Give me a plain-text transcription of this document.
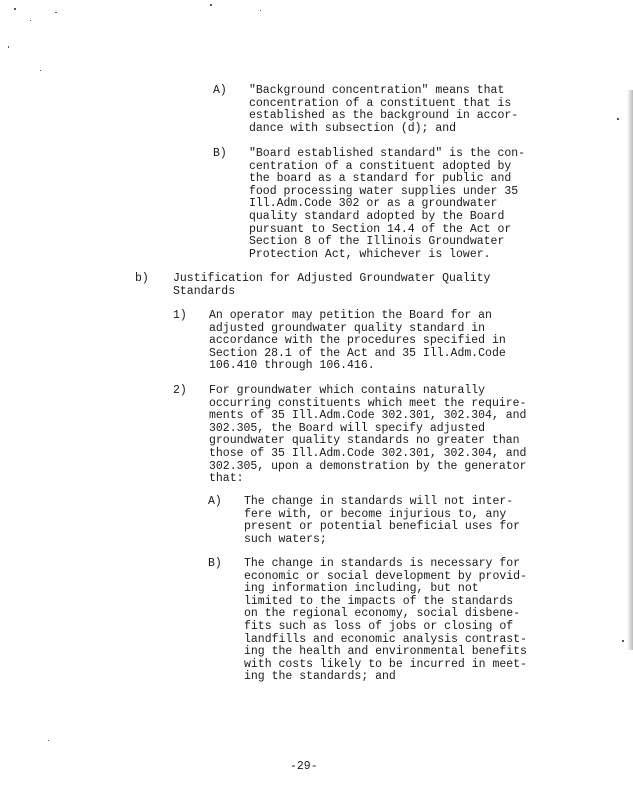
A) "Background concentration" means that
concentration of a constituent that is
established as the background in accor-
dance with subsection (d); and
B) "Board established standard" is the con-
centration of a constituent adopted by
the board as a standard for public and
food processing water supplies under 35
Ill.Adm.Code 302 or as a groundwater
quality standard adopted by the Board
pursuant to Section 14.4 of the Act or
Section 8 of the Illinois Groundwater
Protection Act, whichever is lower.
b) Justification for Adjusted Groundwater Quality
Standards
1) An operator may petition the Board for an
adjusted groundwater quality standard in
accordance with the procedures specified in
Section 28.1 of the Act and 35 Ill.Adm.Code
106.410 through 106.416.
2) For groundwater which contains naturally
occurring constituents which meet the require-
ments of 35 Ill.Adm.Code 302.301, 302.304, and
302.305, the Board will specify adjusted
groundwater quality standards no greater than
those of 35 Ill.Adm.Code 302.301, 302.304, and
302.305, upon a demonstration by the generator
that:
A) The change in standards will not inter-
fere with, or become injurious to, any
present or potential beneficial uses for
such waters;
B) The change in standards is necessary for
economic or social development by provid-
ing information including, but not
limited to the impacts of the standards
on the regional economy, social disbene-
fits such as loss of jobs or closing of
landfills and economic analysis contrast-
ing the health and environmental benefits
with costs likely to be incurred in meet-
ing the standards; and
-29-
